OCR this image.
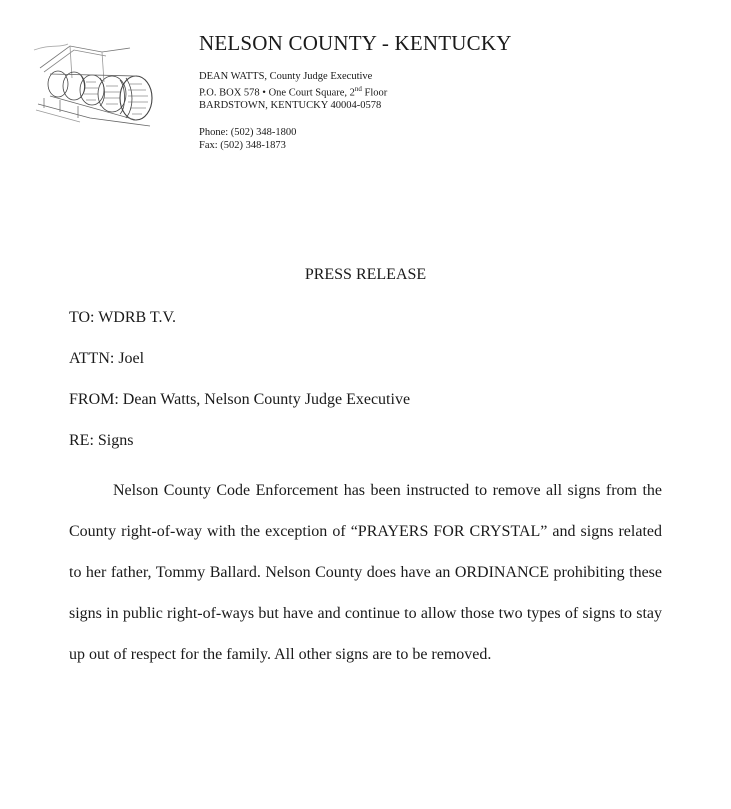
NELSON COUNTY - KENTUCKY
DEAN WATTS, County Judge Executive
P.O. BOX 578 • One Court Square, 2nd Floor
BARDSTOWN, KENTUCKY 40004-0578
Phone: (502) 348-1800
Fax: (502) 348-1873
PRESS RELEASE
TO: WDRB T.V.
ATTN: Joel
FROM: Dean Watts, Nelson County Judge Executive
RE: Signs

Nelson County Code Enforcement has been instructed to remove all signs from the County right-of-way with the exception of “PRAYERS FOR CRYSTAL” and signs related to her father, Tommy Ballard. Nelson County does have an ORDINANCE prohibiting these signs in public right-of-ways but have and continue to allow those two types of signs to stay up out of respect for the family. All other signs are to be removed.
